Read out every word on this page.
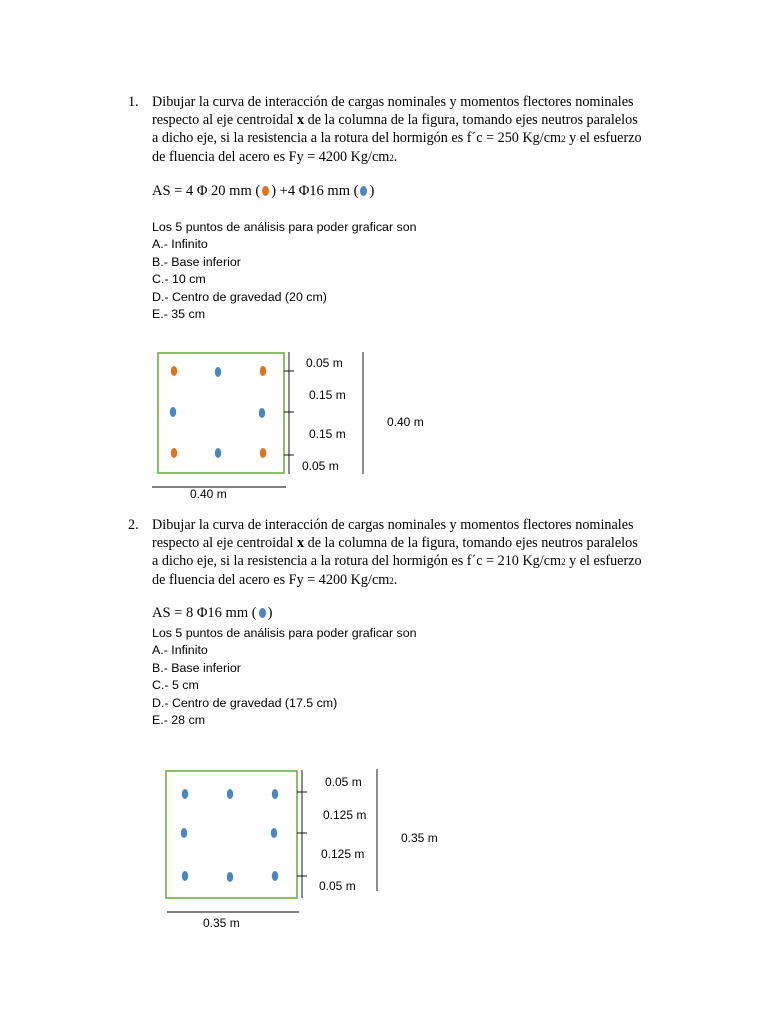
1. Dibujar la curva de interacción de cargas nominales y momentos flectores nominales
respecto al eje centroidal x de la columna de la figura, tomando ejes neutros paralelos
a dicho eje, si la resistencia a la rotura del hormigón es f´c = 250 Kg/cm2 y el esfuerzo
de fluencia del acero es Fy = 4200 Kg/cm2.
AS = 4 Φ 20 mm ( ) +4 Φ16 mm ( )
Los 5 puntos de análisis para poder graficar son
A.- Infinito
B.- Base inferior
C.- 10 cm
D.- Centro de gravedad (20 cm)
E.- 35 cm
0.05 m
0.15 m
0.15 m
0.05 m
0.40 m
0.40 m
0.05 m
0.125 m
0.125 m
0.05 m
0.35 m
0.35 m
2. Dibujar la curva de interacción de cargas nominales y momentos flectores nominales
respecto al eje centroidal x de la columna de la figura, tomando ejes neutros paralelos
a dicho eje, si la resistencia a la rotura del hormigón es f´c = 210 Kg/cm2 y el esfuerzo
de fluencia del acero es Fy = 4200 Kg/cm2.
AS = 8 Φ16 mm ( )
Los 5 puntos de análisis para poder graficar son
A.- Infinito
B.- Base inferior
C.- 5 cm
D.- Centro de gravedad (17.5 cm)
E.- 28 cm
